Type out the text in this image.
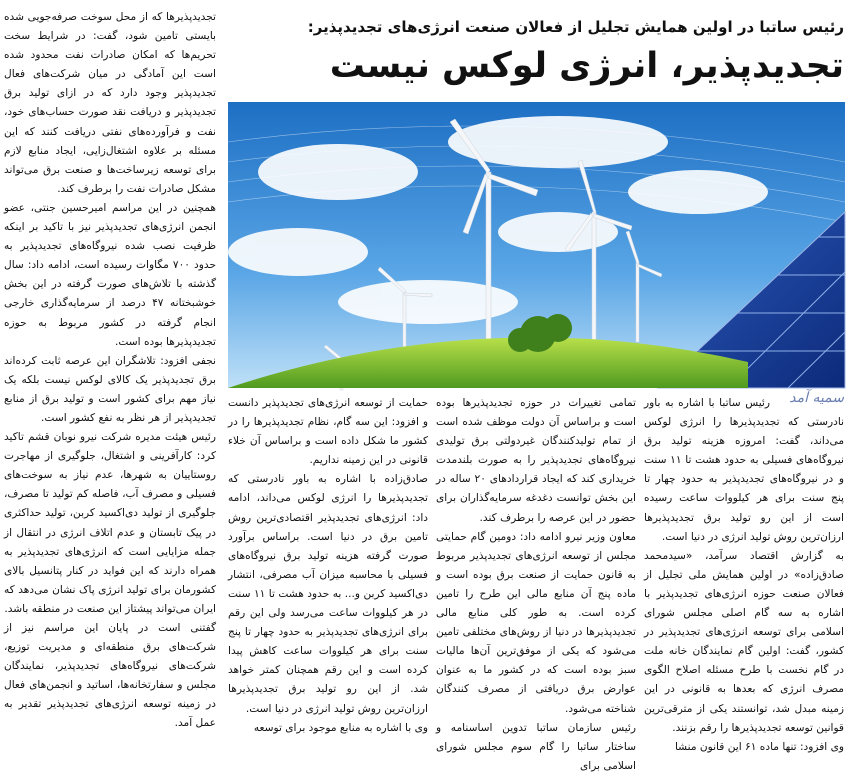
رئیس ساتبا در اولین همایش تجلیل از فعالان صنعت انرژی‌های تجدیدپذیر:
تجدیدپذیر، انرژی لوکس نیست
سمیه آمد

تجدیدپذیرها که از محل سوخت صرفه‌جویی شده بایستی تامین شود، گفت: در شرایط سخت تحریم‌ها که امکان صادرات نفت محدود شده است این آمادگی در میان شرکت‌های فعال تجدیدپذیر وجود دارد که در ازای تولید برق تجدیدپذیر و دریافت نقد صورت حساب‌های خود، نفت و فرآورده‌های نفتی دریافت کنند که این مسئله بر علاوه اشتغال‌زایی، ایجاد منابع لازم برای توسعه زیرساخت‌ها و صنعت برق می‌تواند مشکل صادرات نفت را برطرف کند.

همچنین در این مراسم امیرحسین جنتی، عضو انجمن انرژی‌های تجدیدپذیر نیز با تاکید بر اینکه ظرفیت نصب شده نیروگاه‌های تجدیدپذیر به حدود ۷۰۰ مگاوات رسیده است، ادامه داد: سال گذشته با تلاش‌های صورت گرفته در این بخش خوشبختانه ۴۷ درصد از سرمایه‌گذاری خارجی انجام گرفته در کشور مربوط به حوزه تجدیدپذیرها بوده است.

نجفی افزود: تلاشگران این عرصه ثابت کرده‌اند برق تجدیدپذیر یک کالای لوکس نیست بلکه یک نیاز مهم برای کشور است و تولید برق از منابع تجدیدپذیر از هر نظر به نفع کشور است.

رئیس هیئت مدیره شرکت نیرو نوبان قشم تاکید کرد: کارآفرینی و اشتغال، جلوگیری از مهاجرت روستاییان به شهرها، عدم نیاز به سوخت‌های فسیلی و مصرف آب، فاصله کم تولید تا مصرف، جلوگیری از تولید دی‌اکسید کربن، تولید حداکثری در پیک تابستان و عدم اتلاف انرژی در انتقال از جمله مزایایی است که انرژی‌های تجدیدپذیر به همراه دارند که این فواید در کنار پتانسیل بالای کشورمان برای تولید انرژی پاک نشان می‌دهد که ایران می‌تواند پیشتاز این صنعت در منطقه باشد.

گفتنی است در پایان این مراسم نیز از شرکت‌های برق منطقه‌ای و مدیریت توزیع، شرکت‌های نیروگاه‌های تجدیدپذیر، نمایندگان مجلس و سفارتخانه‌ها، اساتید و انجمن‌های فعال در زمینه توسعه انرژی‌های تجدیدپذیر تقدیر به عمل آمد.

رئیس ساتبا با اشاره به باور نادرستی که تجدیدپذیرها را انرژی لوکس می‌داند، گفت: امروزه هزینه تولید برق نیروگاه‌های فسیلی به حدود هشت تا ۱۱ سنت و در نیروگاه‌های تجدیدپذیر به حدود چهار تا پنج سنت برای هر کیلووات ساعت رسیده است از این رو تولید برق تجدیدپذیرها ارزان‌ترین روش تولید انرژی در دنیا است.

به گزارش اقتصاد سرآمد، «سیدمحمد صادق‌زاده» در اولین همایش ملی تجلیل از فعالان صنعت حوزه انرژی‌های تجدیدپذیر با اشاره به سه گام اصلی مجلس شورای اسلامی برای توسعه انرژی‌های تجدیدپذیر در کشور، گفت: اولین گام نمایندگان خانه ملت در گام نخست با طرح مسئله اصلاح الگوی مصرف انرژی که بعدها به قانونی در این زمینه مبدل شد، توانستند یکی از مترقی‌ترین قوانین توسعه تجدیدپذیرها را رقم بزنند.

وی افزود: تنها ماده ۶۱ این قانون منشا

تمامی تغییرات در حوزه تجدیدپذیرها بوده است و براساس آن دولت موظف شده است از تمام تولیدکنندگان غیردولتی برق تولیدی نیروگاه‌های تجدیدپذیر را به صورت بلندمدت خریداری کند که ایجاد قراردادهای ۲۰ ساله در این بخش توانست دغدغه سرمایه‌گذاران برای حضور در این عرصه را برطرف کند.

معاون وزیر نیرو ادامه داد: دومین گام حمایتی مجلس از توسعه انرژی‌های تجدیدپذیر مربوط به قانون حمایت از صنعت برق بوده است و ماده پنج آن منابع مالی این طرح را تامین کرده است. به طور کلی منابع مالی تجدیدپذیرها در دنیا از روش‌های مختلفی تامین می‌شود که یکی از موفق‌ترین آن‌ها مالیات سبز بوده است که در کشور ما به عنوان عوارض برق دریافتی از مصرف کنندگان شناخته می‌شود.

رئیس سازمان ساتبا تدوین اساسنامه و ساختار ساتبا را گام سوم مجلس شورای اسلامی برای

حمایت از توسعه انرژی‌های تجدیدپذیر دانست و افزود: این سه گام، نظام تجدیدپذیرها را در کشور ما شکل داده است و براساس آن خلاء قانونی در این زمینه نداریم.

صادق‌زاده با اشاره به باور نادرستی که تجدیدپذیرها را انرژی لوکس می‌داند، ادامه داد: انرژی‌های تجدیدپذیر اقتصادی‌ترین روش تامین برق در دنیا است. براساس برآورد صورت گرفته هزینه تولید برق نیروگاه‌های فسیلی با محاسبه میزان آب مصرفی، انتشار دی‌اکسید کربن و... به حدود هشت تا ۱۱ سنت در هر کیلووات ساعت می‌رسد ولی این رقم برای انرژی‌های تجدیدپذیر به حدود چهار تا پنج سنت برای هر کیلووات ساعت کاهش پیدا کرده است و این رقم همچنان کمتر خواهد شد. از این رو تولید برق تجدیدپذیرها ارزان‌ترین روش تولید انرژی در دنیا است.

وی با اشاره به منابع موجود برای توسعه
